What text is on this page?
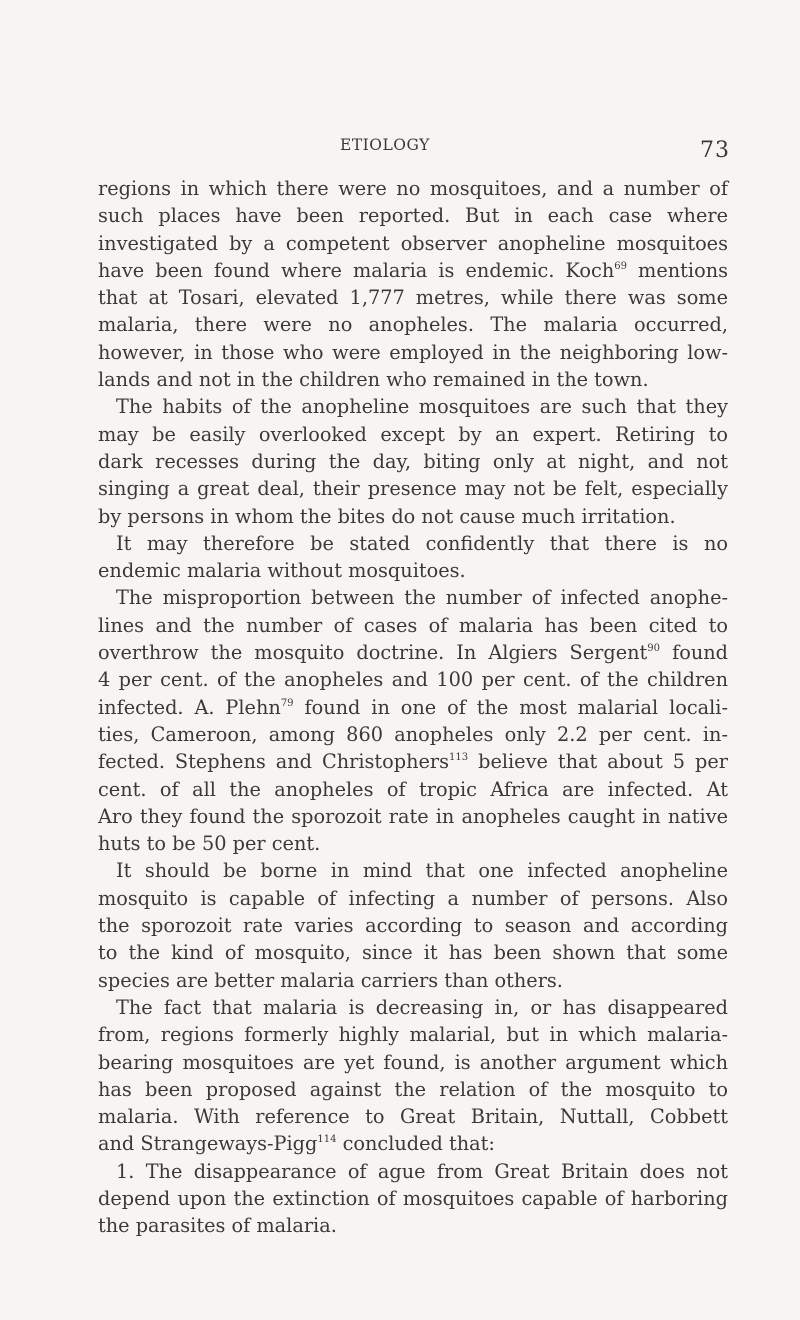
ETIOLOGY	73
regions in which there were no mosquitoes, and a number of
such places have been reported. But in each case where
investigated by a competent observer anopheline mosquitoes
have been found where malaria is endemic. Koch$^{69}$ mentions
that at Tosari, elevated 1,777 metres, while there was some
malaria, there were no anopheles. The malaria occurred,
however, in those who were employed in the neighboring low-
lands and not in the children who remained in the town.
The habits of the anopheline mosquitoes are such that they
may be easily overlooked except by an expert. Retiring to
dark recesses during the day, biting only at night, and not
singing a great deal, their presence may not be felt, especially
by persons in whom the bites do not cause much irritation.
It may therefore be stated confidently that there is no
endemic malaria without mosquitoes.
The misproportion between the number of infected anophe-
lines and the number of cases of malaria has been cited to
overthrow the mosquito doctrine. In Algiers Sergent$^{90}$ found
4 per cent. of the anopheles and 100 per cent. of the children
infected. A. Plehn$^{79}$ found in one of the most malarial locali-
ties, Cameroon, among 860 anopheles only 2.2 per cent. in-
fected. Stephens and Christophers$^{113}$ believe that about 5 per
cent. of all the anopheles of tropic Africa are infected. At
Aro they found the sporozoit rate in anopheles caught in native
huts to be 50 per cent.
It should be borne in mind that one infected anopheline
mosquito is capable of infecting a number of persons. Also
the sporozoit rate varies according to season and according
to the kind of mosquito, since it has been shown that some
species are better malaria carriers than others.
The fact that malaria is decreasing in, or has disappeared
from, regions formerly highly malarial, but in which malaria-
bearing mosquitoes are yet found, is another argument which
has been proposed against the relation of the mosquito to
malaria. With reference to Great Britain, Nuttall, Cobbett
and Strangeways-Pigg$^{114}$ concluded that:
1. The disappearance of ague from Great Britain does not
depend upon the extinction of mosquitoes capable of harboring
the parasites of malaria.
